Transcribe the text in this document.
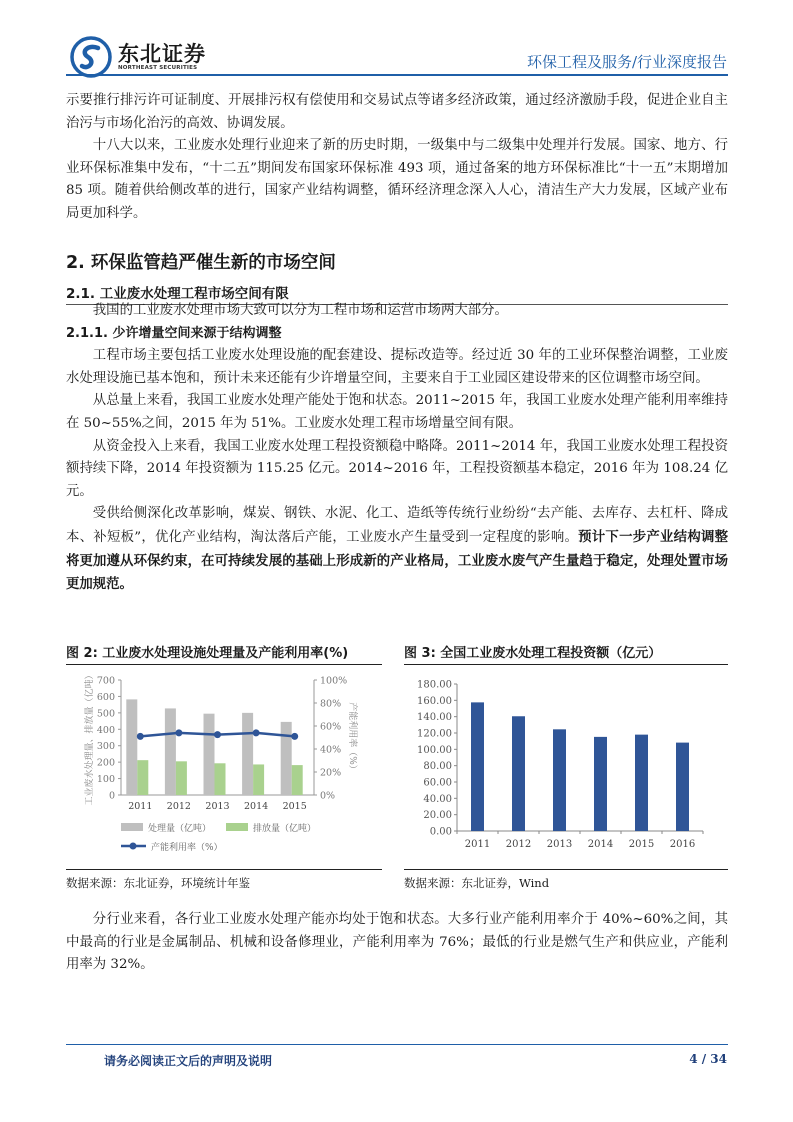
东北证券
NORTHEAST SECURITIES	环保工程及服务/行业深度报告

示要推行排污许可证制度、开展排污权有偿使用和交易试点等诸多经济政策，通过经济激励手段，促进企业自主治污与市场化治污的高效、协调发展。

十八大以来，工业废水处理行业迎来了新的历史时期，一级集中与二级集中处理并行发展。国家、地方、行业环保标准集中发布，“十二五”期间发布国家环保标准 493 项，通过备案的地方环保标准比“十一五”末期增加 85 项。随着供给侧改革的进行，国家产业结构调整，循环经济理念深入人心，清洁生产大力发展，区域产业布局更加科学。

2. 环保监管趋严催生新的市场空间
2.1. 工业废水处理工程市场空间有限

我国的工业废水处理市场大致可以分为工程市场和运营市场两大部分。

2.1.1. 少许增量空间来源于结构调整

工程市场主要包括工业废水处理设施的配套建设、提标改造等。经过近 30 年的工业环保整治调整，工业废水处理设施已基本饱和，预计未来还能有少许增量空间，主要来自于工业园区建设带来的区位调整市场空间。

从总量上来看，我国工业废水处理产能处于饱和状态。2011~2015 年，我国工业废水处理产能利用率维持在 50~55%之间，2015 年为 51%。工业废水处理工程市场增量空间有限。

从资金投入上来看，我国工业废水处理工程投资额稳中略降。2011~2014 年，我国工业废水处理工程投资额持续下降，2014 年投资额为 115.25 亿元。2014~2016 年，工程投资额基本稳定，2016 年为 108.24 亿元。

受供给侧深化改革影响，煤炭、钢铁、水泥、化工、造纸等传统行业纷纷“去产能、去库存、去杠杆、降成本、补短板”，优化产业结构，淘汰落后产能，工业废水产生量受到一定程度的影响。预计下一步产业结构调整将更加遵从环保约束，在可持续发展的基础上形成新的产业格局，工业废水废气产生量趋于稳定，处理处置市场更加规范。

图 2: 工业废水处理设施处理量及产能利用率(%)
0
100
200
300
400
500
600
700
0%
20%
40%
60%
80%
100%
2011 2012 2013 2014 2015
工业废水处理量、排放量（亿吨）	产能利用率（%）
处理量（亿吨）	排放量（亿吨）
产能利用率（%）
数据来源：东北证券，环境统计年鉴
图 3: 全国工业废水处理工程投资额（亿元）
0.00
20.00
40.00
60.00
80.00
100.00
120.00
140.00
160.00
180.00
2011 2012 2013 2014 2015 2016
数据来源：东北证券，Wind

分行业来看，各行业工业废水处理产能亦均处于饱和状态。大多行业产能利用率介于 40%~60%之间，其中最高的行业是金属制品、机械和设备修理业，产能利用率为 76%；最低的行业是燃气生产和供应业，产能利用率为 32%。

请务必阅读正文后的声明及说明	4 / 34
